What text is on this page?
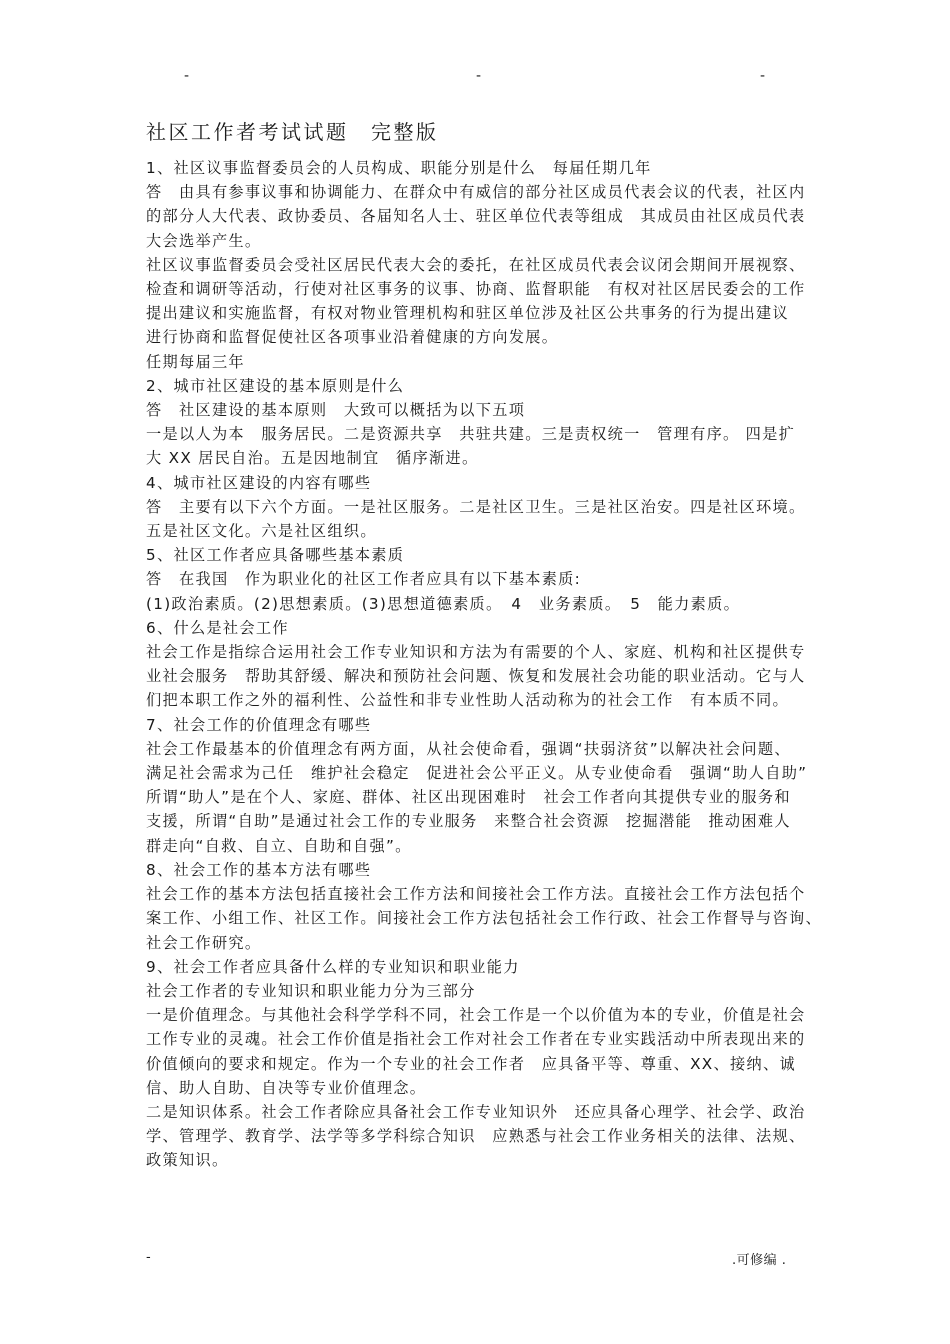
-	-	-
社区工作者考试试题　完整版

1、社区议事监督委员会的人员构成、职能分别是什么　每届任期几年

答　由具有参事议事和协调能力、在群众中有威信的部分社区成员代表会议的代表，社区内

的部分人大代表、政协委员、各届知名人士、驻区单位代表等组成　其成员由社区成员代表

大会选举产生。

社区议事监督委员会受社区居民代表大会的委托，在社区成员代表会议闭会期间开展视察、

检查和调研等活动，行使对社区事务的议事、协商、监督职能　有权对社区居民委会的工作

提出建议和实施监督，有权对物业管理机构和驻区单位涉及社区公共事务的行为提出建议

进行协商和监督促使社区各项事业沿着健康的方向发展。

任期每届三年

2、城市社区建设的基本原则是什么

答　社区建设的基本原则　大致可以概括为以下五项

一是以人为本　服务居民。二是资源共享　共驻共建。三是责权统一　管理有序。 四是扩

大 XX 居民自治。五是因地制宜　循序渐进。

4、城市社区建设的内容有哪些

答　主要有以下六个方面。一是社区服务。二是社区卫生。三是社区治安。四是社区环境。

五是社区文化。六是社区组织。

5、社区工作者应具备哪些基本素质

答　在我国　作为职业化的社区工作者应具有以下基本素质:

(1)政治素质。(2)思想素质。(3)思想道德素质。　4　业务素质。　5　能力素质。

6、什么是社会工作

社会工作是指综合运用社会工作专业知识和方法为有需要的个人、家庭、机构和社区提供专

业社会服务　帮助其舒缓、解决和预防社会问题、恢复和发展社会功能的职业活动。它与人

们把本职工作之外的福利性、公益性和非专业性助人活动称为的社会工作　有本质不同。

7、社会工作的价值理念有哪些

社会工作最基本的价值理念有两方面，从社会使命看，强调“扶弱济贫”以解决社会问题、

满足社会需求为己任　维护社会稳定　促进社会公平正义。从专业使命看　强调“助人自助”

所谓“助人”是在个人、家庭、群体、社区出现困难时　社会工作者向其提供专业的服务和

支援，所谓“自助”是通过社会工作的专业服务　来整合社会资源　挖掘潜能　推动困难人

群走向“自救、自立、自助和自强”。

8、社会工作的基本方法有哪些

社会工作的基本方法包括直接社会工作方法和间接社会工作方法。直接社会工作方法包括个

案工作、小组工作、社区工作。间接社会工作方法包括社会工作行政、社会工作督导与咨询、

社会工作研究。

9、社会工作者应具备什么样的专业知识和职业能力

社会工作者的专业知识和职业能力分为三部分

一是价值理念。与其他社会科学学科不同，社会工作是一个以价值为本的专业，价值是社会

工作专业的灵魂。社会工作价值是指社会工作对社会工作者在专业实践活动中所表现出来的

价值倾向的要求和规定。作为一个专业的社会工作者　应具备平等、尊重、XX、接纳、诚

信、助人自助、自决等专业价值理念。

二是知识体系。社会工作者除应具备社会工作专业知识外　还应具备心理学、社会学、政治

学、管理学、教育学、法学等多学科综合知识　应熟悉与社会工作业务相关的法律、法规、

政策知识。

-	.可修编 .
